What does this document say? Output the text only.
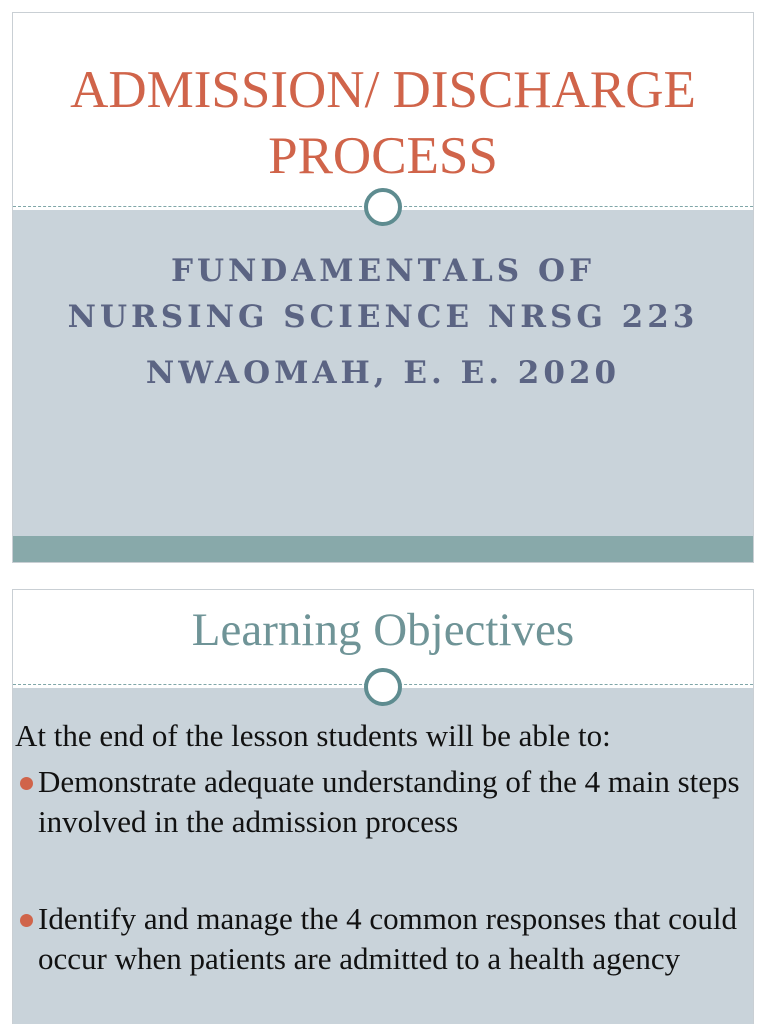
ADMISSION/ DISCHARGE
PROCESS
FUNDAMENTALS OF
NURSING SCIENCE NRSG 223
NWAOMAH, E. E. 2020
Learning Objectives
At the end of the lesson students will be able to:
Demonstrate adequate understanding of the 4 main steps involved in the admission process
Identify and manage the 4 common responses that could occur when patients are admitted to a health agency
